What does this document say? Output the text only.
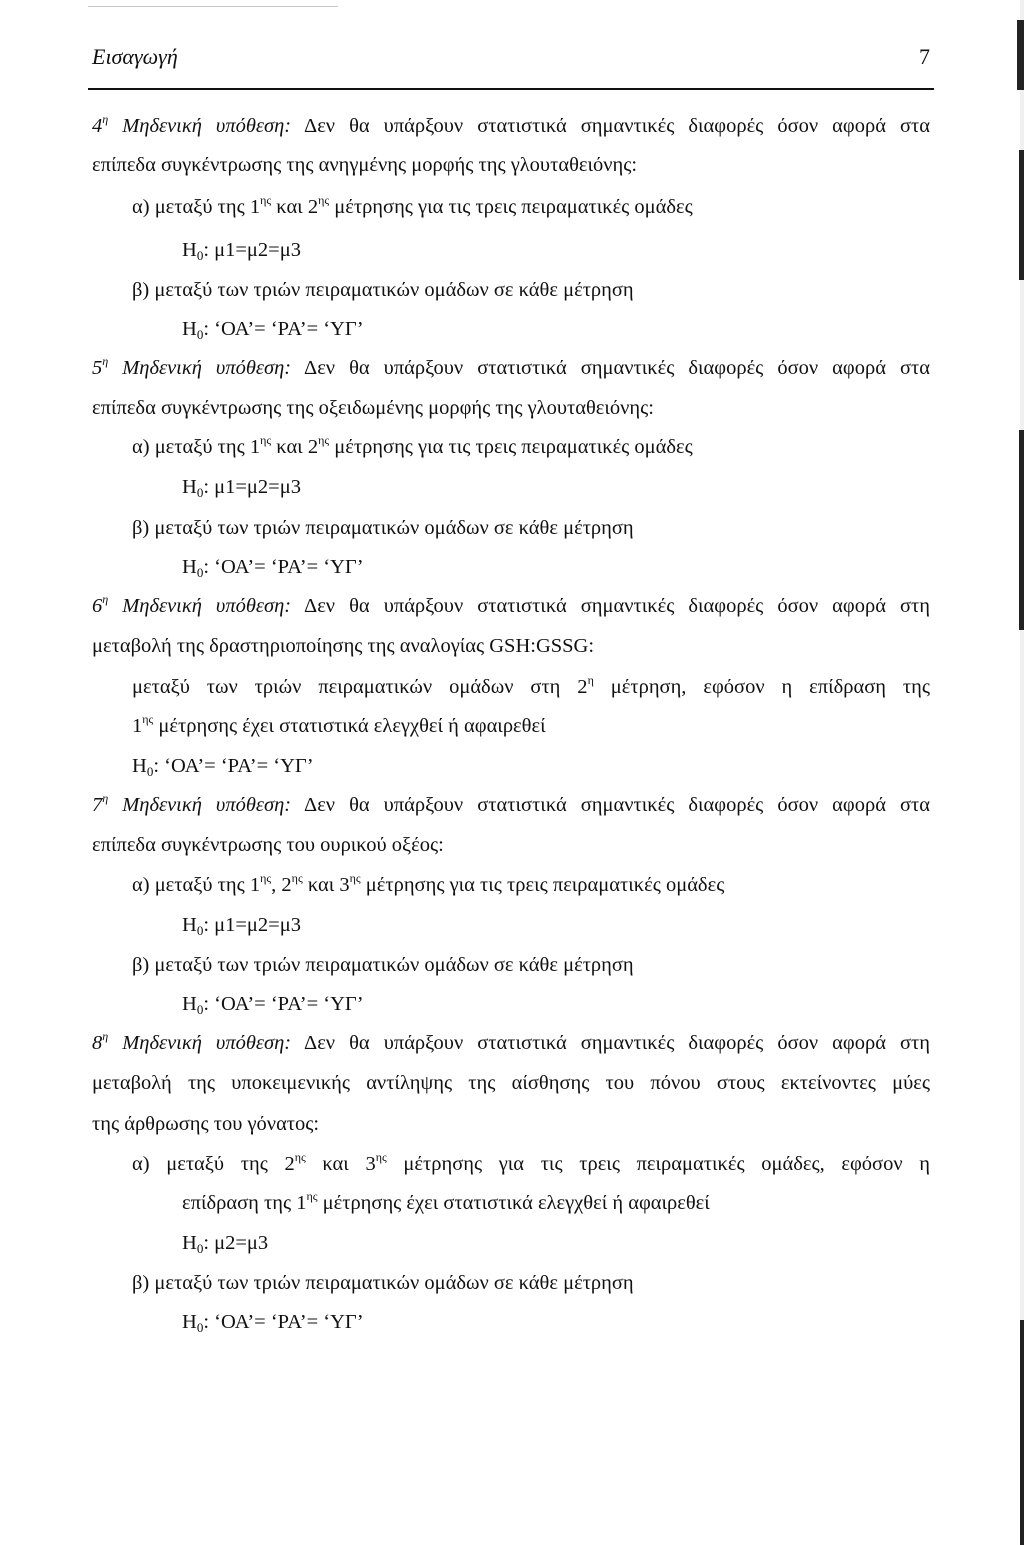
Εισαγωγή	7
$4^\eta$ Μηδενική υπόθεση: Δεν θα υπάρξουν στατιστικά σημαντικές διαφορές όσον αφορά στα
επίπεδα συγκέντρωσης της ανηγμένης μορφής της γλουταθειόνης:
α) μεταξύ της $1^{\eta\varsigma}$ και $2^{\eta\varsigma}$ μέτρησης για τις τρεις πειραματικές ομάδες
$H_0$: μ1=μ2=μ3
β) μεταξύ των τριών πειραματικών ομάδων σε κάθε μέτρηση
$H_0$: ‘ΟΑ’= ‘ΡΑ’= ‘ΥΓ’
$5^\eta$ Μηδενική υπόθεση: Δεν θα υπάρξουν στατιστικά σημαντικές διαφορές όσον αφορά στα
επίπεδα συγκέντρωσης της οξειδωμένης μορφής της γλουταθειόνης:
α) μεταξύ της $1^{\eta\varsigma}$ και $2^{\eta\varsigma}$ μέτρησης για τις τρεις πειραματικές ομάδες
$H_0$: μ1=μ2=μ3
β) μεταξύ των τριών πειραματικών ομάδων σε κάθε μέτρηση
$H_0$: ‘ΟΑ’= ‘ΡΑ’= ‘ΥΓ’
$6^\eta$ Μηδενική υπόθεση: Δεν θα υπάρξουν στατιστικά σημαντικές διαφορές όσον αφορά στη
μεταβολή της δραστηριοποίησης της αναλογίας GSH:GSSG:
μεταξύ των τριών πειραματικών ομάδων στη $2^\eta$ μέτρηση, εφόσον η επίδραση της
$1^{\eta\varsigma}$ μέτρησης έχει στατιστικά ελεγχθεί ή αφαιρεθεί
$H_0$: ‘ΟΑ’= ‘ΡΑ’= ‘ΥΓ’
$7^\eta$ Μηδενική υπόθεση: Δεν θα υπάρξουν στατιστικά σημαντικές διαφορές όσον αφορά στα
επίπεδα συγκέντρωσης του ουρικού οξέος:
α) μεταξύ της $1^{\eta\varsigma}$, $2^{\eta\varsigma}$ και $3^{\eta\varsigma}$ μέτρησης για τις τρεις πειραματικές ομάδες
$H_0$: μ1=μ2=μ3
β) μεταξύ των τριών πειραματικών ομάδων σε κάθε μέτρηση
$H_0$: ‘ΟΑ’= ‘ΡΑ’= ‘ΥΓ’
$8^\eta$ Μηδενική υπόθεση: Δεν θα υπάρξουν στατιστικά σημαντικές διαφορές όσον αφορά στη
μεταβολή της υποκειμενικής αντίληψης της αίσθησης του πόνου στους εκτείνοντες μύες
της άρθρωσης του γόνατος:
α) μεταξύ της $2^{\eta\varsigma}$ και $3^{\eta\varsigma}$ μέτρησης για τις τρεις πειραματικές ομάδες, εφόσον η
επίδραση της $1^{\eta\varsigma}$ μέτρησης έχει στατιστικά ελεγχθεί ή αφαιρεθεί
$H_0$: μ2=μ3
β) μεταξύ των τριών πειραματικών ομάδων σε κάθε μέτρηση
$H_0$: ‘ΟΑ’= ‘ΡΑ’= ‘ΥΓ’
